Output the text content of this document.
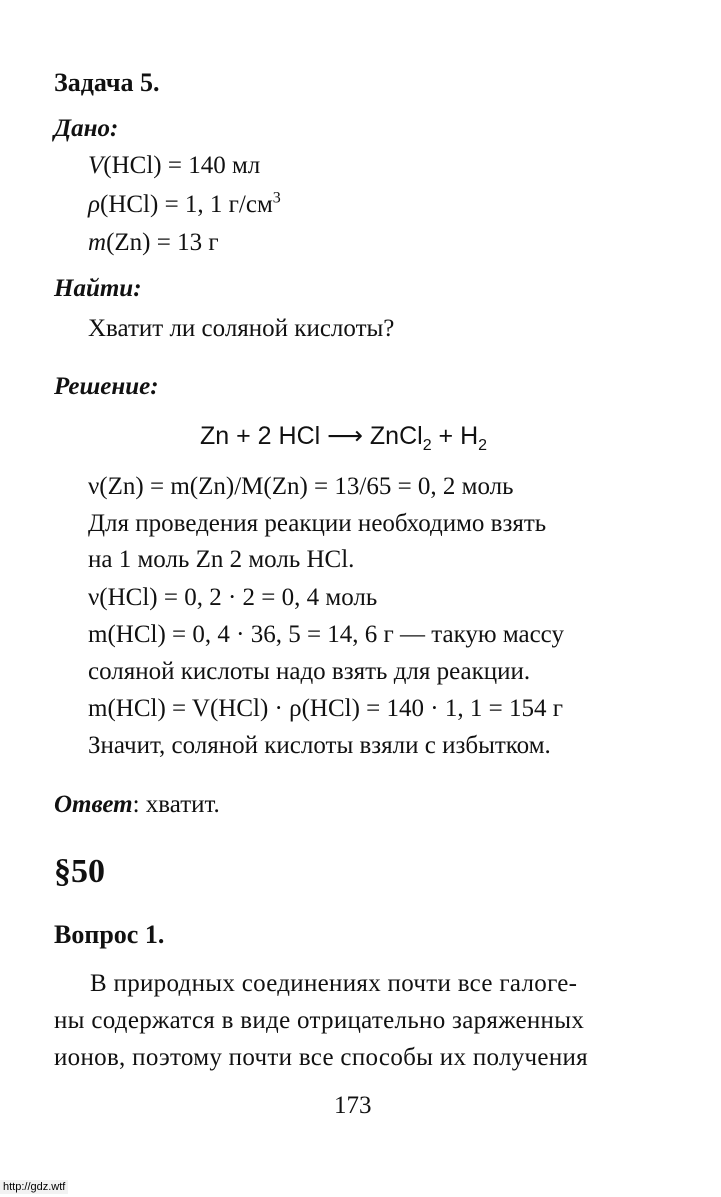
Задача 5.
Дано:
V(HCl) = 140 мл
ρ(HCl) = 1, 1 $г/см^3$
m(Zn) = 13 г
Найти:
Хватит ли соляной кислоты?
Решение:
Zn + 2 HCl ⟶ ZnCl$_2$ + $H_2$
ν(Zn) = m(Zn)/M(Zn) = 13/65 = 0, 2 моль
Для проведения реакции необходимо взять
на 1 моль Zn 2 моль HCl.
ν(HCl) = 0, 2 · 2 = 0, 4 моль
m(HCl) = 0, 4 · 36, 5 = 14, 6 г — такую массу
соляной кислоты надо взять для реакции.
m(HCl) = V(HCl) · ρ(HCl) = 140 · 1, 1 = 154 г
Значит, соляной кислоты взяли с избытком.
Ответ: хватит.
§50
Вопрос 1.
В природных соединениях почти все галоге-
ны содержатся в виде отрицательно заряженных
ионов, поэтому почти все способы их получения
173
http://gdz.wtf
